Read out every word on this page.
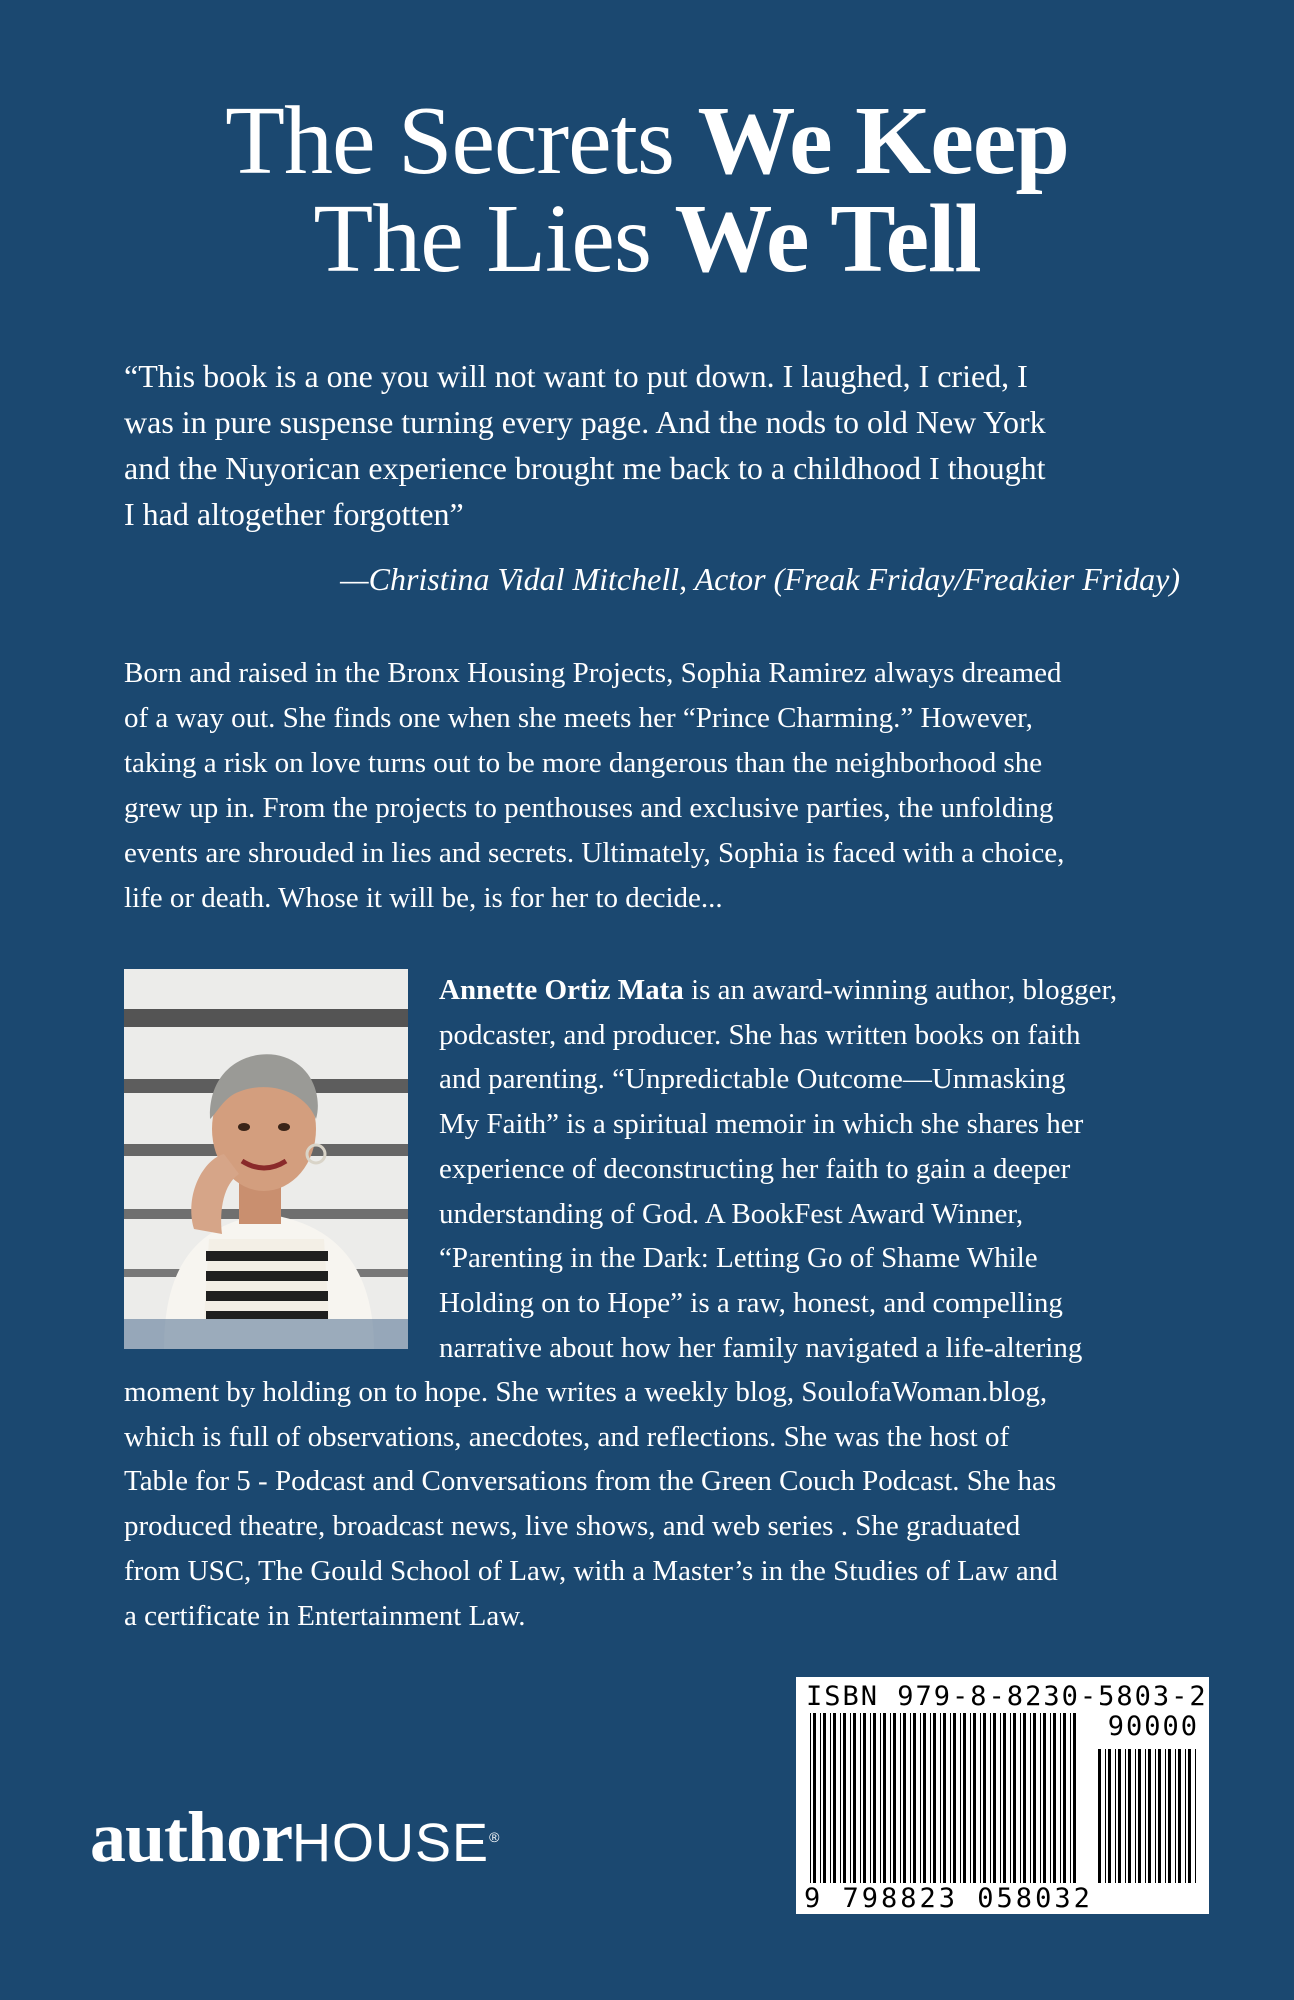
The Secrets We Keep
The Lies We Tell
“This book is a one you will not want to put down. I laughed, I cried, I
was in pure suspense turning every page. And the nods to old New York
and the Nuyorican experience brought me back to a childhood I thought
I had altogether forgotten”
—Christina Vidal Mitchell, Actor (Freak Friday/Freakier Friday)
Born and raised in the Bronx Housing Projects, Sophia Ramirez always dreamed
of a way out. She finds one when she meets her “Prince Charming.” However,
taking a risk on love turns out to be more dangerous than the neighborhood she
grew up in. From the projects to penthouses and exclusive parties, the unfolding
events are shrouded in lies and secrets. Ultimately, Sophia is faced with a choice,
life or death. Whose it will be, is for her to decide...
Annette Ortiz Mata is an award-winning author, blogger,
podcaster, and producer. She has written books on faith
and parenting. “Unpredictable Outcome—Unmasking
My Faith” is a spiritual memoir in which she shares her
experience of deconstructing her faith to gain a deeper
understanding of God. A BookFest Award Winner,
“Parenting in the Dark: Letting Go of Shame While
Holding on to Hope” is a raw, honest, and compelling
narrative about how her family navigated a life-altering
moment by holding on to hope. She writes a weekly blog, SoulofaWoman.blog,
which is full of observations, anecdotes, and reflections. She was the host of
Table for 5 - Podcast and Conversations from the Green Couch Podcast. She has
produced theatre, broadcast news, live shows, and web series . She graduated
from USC, The Gould School of Law, with a Master’s in the Studies of Law and
a certificate in Entertainment Law.
authorHOUSE®
ISBN 979-8-8230-5803-2
90000
9 798823 058032
